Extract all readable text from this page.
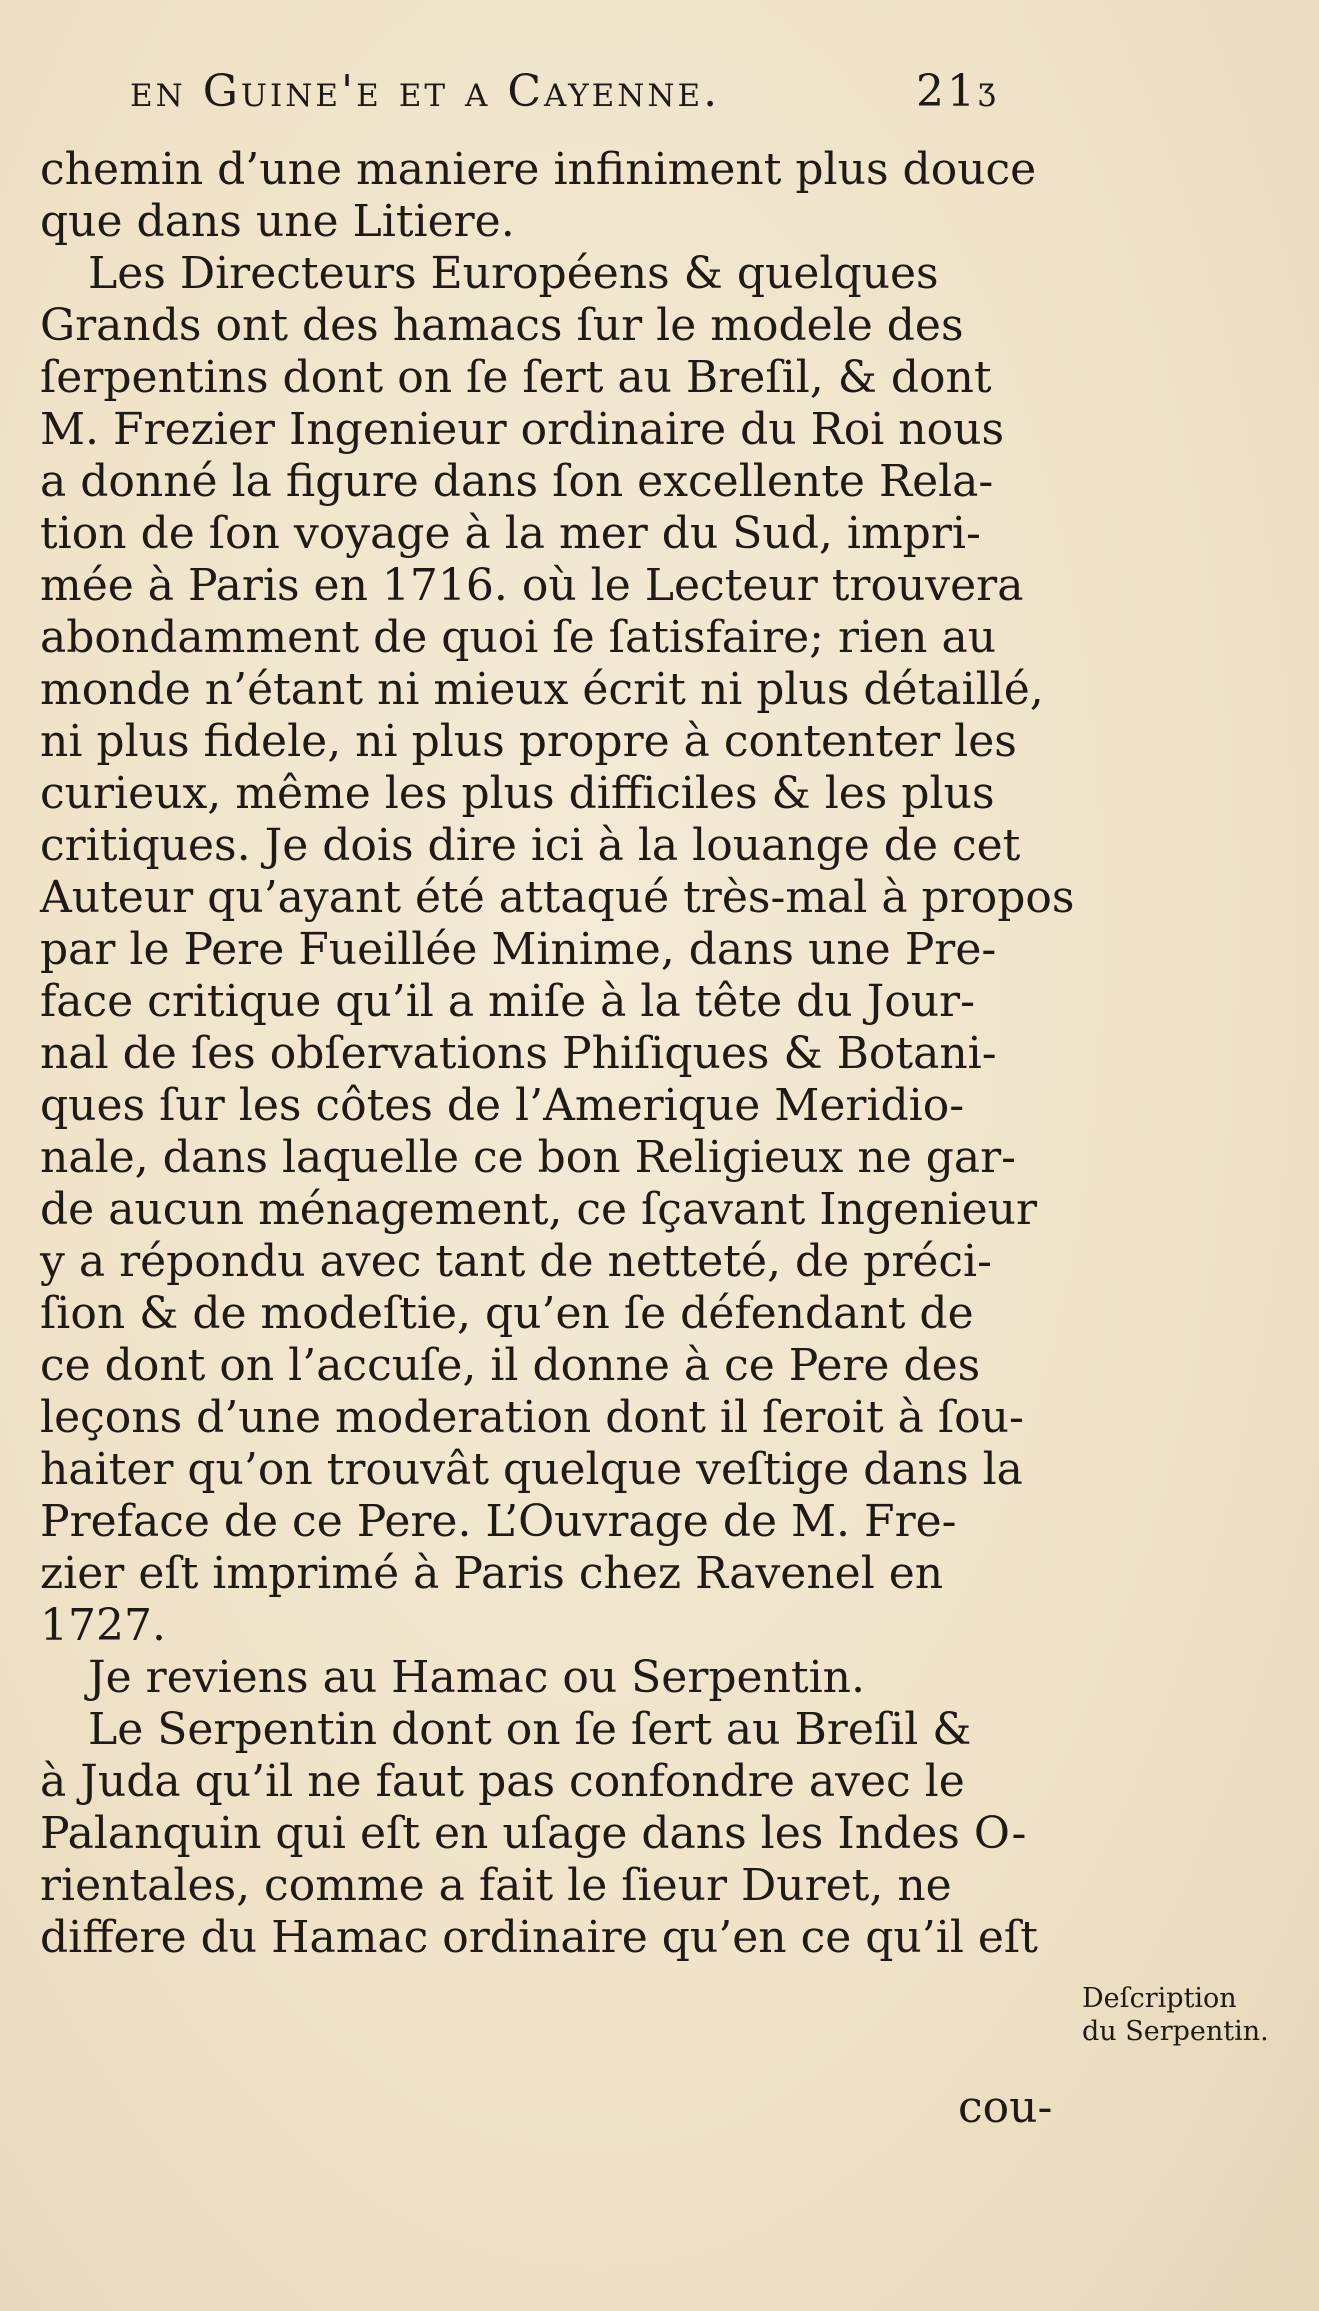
en Guine'e et a Cayenne.	21ʒ
chemin d’une maniere infiniment plus douce
que dans une Litiere.
Les Directeurs Européens & quelques
Grands ont des hamacs ſur le modele des
ſerpentins dont on ſe ſert au Breſil, & dont
M. Frezier Ingenieur ordinaire du Roi nous
a donné la figure dans ſon excellente Rela-
tion de ſon voyage à la mer du Sud, impri-
mée à Paris en 1716. où le Lecteur trouvera
abondamment de quoi ſe ſatisfaire; rien au
monde n’étant ni mieux écrit ni plus détaillé,
ni plus fidele, ni plus propre à contenter les
curieux, même les plus difficiles & les plus
critiques. Je dois dire ici à la louange de cet
Auteur qu’ayant été attaqué très-mal à propos
par le Pere Fueillée Minime, dans une Pre-
face critique qu’il a miſe à la tête du Jour-
nal de ſes obſervations Phiſiques & Botani-
ques ſur les côtes de l’Amerique Meridio-
nale, dans laquelle ce bon Religieux ne gar-
de aucun ménagement, ce ſçavant Ingenieur
y a répondu avec tant de netteté, de préci-
ſion & de modeſtie, qu’en ſe défendant de
ce dont on l’accuſe, il donne à ce Pere des
leçons d’une moderation dont il ſeroit à ſou-
haiter qu’on trouvât quelque veſtige dans la
Preface de ce Pere. L’Ouvrage de M. Fre-
zier eſt imprimé à Paris chez Ravenel en
1727.
Je reviens au Hamac ou Serpentin.
Le Serpentin dont on ſe ſert au Breſil &
à Juda qu’il ne faut pas confondre avec le
Palanquin qui eſt en uſage dans les Indes O-
rientales, comme a fait le ſieur Duret, ne
differe du Hamac ordinaire qu’en ce qu’il eſt
Deſcription
du Serpentin.
cou-
